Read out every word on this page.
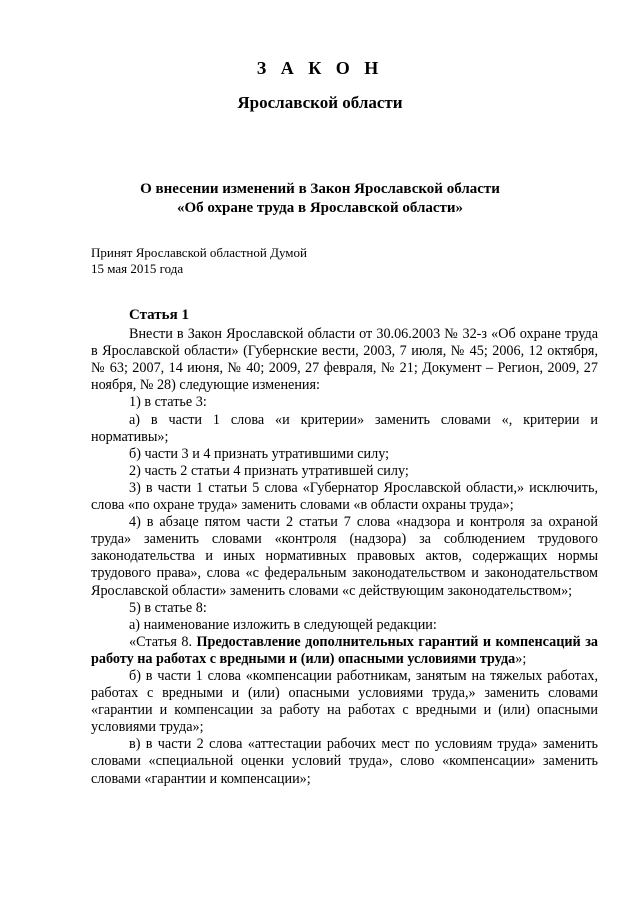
З А К О Н
Ярославской области
О внесении изменений в Закон Ярославской области
«Об охране труда в Ярославской области»
Принят Ярославской областной Думой
15 мая 2015 года

Статья 1

Внести в Закон Ярославской области от 30.06.2003 № 32-з «Об охране труда в Ярославской области» (Губернские вести, 2003, 7 июля, № 45; 2006, 12 октября, № 63; 2007, 14 июня, № 40; 2009, 27 февраля, № 21; Документ – Регион, 2009, 27 ноября, № 28) следующие изменения:

1) в статье 3:

а) в части 1 слова «и критерии» заменить словами «, критерии и нормативы»;

б) части 3 и 4 признать утратившими силу;

2) часть 2 статьи 4 признать утратившей силу;

3) в части 1 статьи 5 слова «Губернатор Ярославской области,» исключить, слова «по охране труда» заменить словами «в области охраны труда»;

4) в абзаце пятом части 2 статьи 7 слова «надзора и контроля за охраной труда» заменить словами «контроля (надзора) за соблюдением трудового законодательства и иных нормативных правовых актов, содержащих нормы трудового права», слова «с федеральным законодательством и законодательством Ярославской области» заменить словами «с действующим законодательством»;

5) в статье 8:

а) наименование изложить в следующей редакции:

«Статья 8. Предоставление дополнительных гарантий и компенсаций за работу на работах с вредными и (или) опасными условиями труда»;

б) в части 1 слова «компенсации работникам, занятым на тяжелых работах, работах с вредными и (или) опасными условиями труда,» заменить словами «гарантии и компенсации за работу на работах с вредными и (или) опасными условиями труда»;

в) в части 2 слова «аттестации рабочих мест по условиям труда» заменить словами «специальной оценки условий труда», слово «компенсации» заменить словами «гарантии и компенсации»;
